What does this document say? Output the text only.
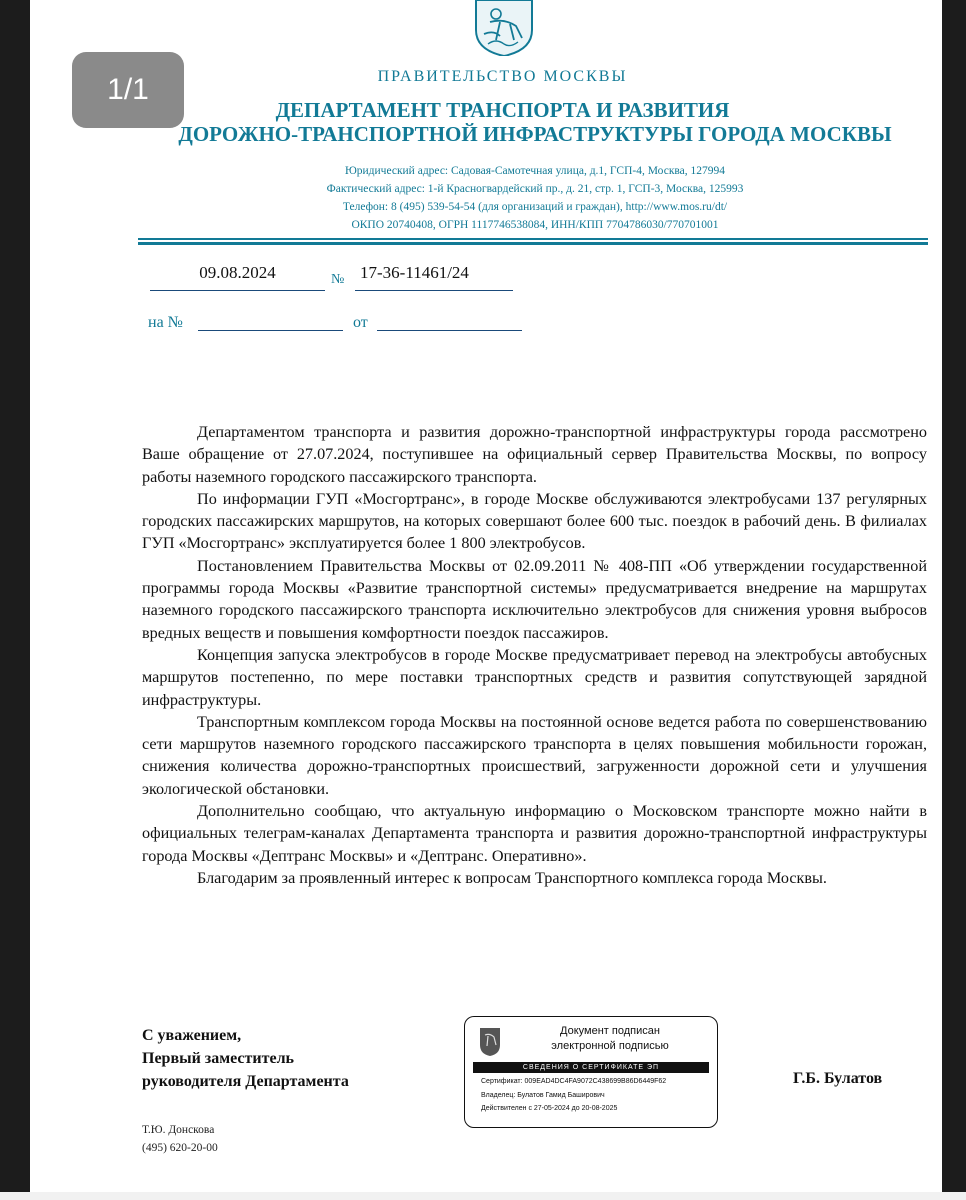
ПРАВИТЕЛЬСТВО МОСКВЫ
ДЕПАРТАМЕНТ ТРАНСПОРТА И РАЗВИТИЯ
ДОРОЖНО-ТРАНСПОРТНОЙ ИНФРАСТРУКТУРЫ ГОРОДА МОСКВЫ
Юридический адрес: Садовая-Самотечная улица, д.1, ГСП-4, Москва, 127994
Фактический адрес: 1-й Красногвардейский пр., д. 21, стр. 1, ГСП-3, Москва, 125993
Телефон: 8 (495) 539-54-54 (для организаций и граждан), http://www.mos.ru/dt/
ОКПО 20740408, ОГРН 1117746538084, ИНН/КПП 7704786030/770701001
09.08.2024	№ 17-36-11461/24
на №	от

Департаментом транспорта и развития дорожно-транспортной инфраструктуры города рассмотрено Ваше обращение от 27.07.2024, поступившее на официальный сервер Правительства Москвы, по вопросу работы наземного городского пассажирского транспорта.

По информации ГУП «Мосгортранс», в городе Москве обслуживаются электробусами 137 регулярных городских пассажирских маршрутов, на которых совершают более 600 тыс. поездок в рабочий день. В филиалах ГУП «Мосгортранс» эксплуатируется более 1 800 электробусов.

Постановлением Правительства Москвы от 02.09.2011 № 408-ПП «Об утверждении государственной программы города Москвы «Развитие транспортной системы» предусматривается внедрение на маршрутах наземного городского пассажирского транспорта исключительно электробусов для снижения уровня выбросов вредных веществ и повышения комфортности поездок пассажиров.

Концепция запуска электробусов в городе Москве предусматривает перевод на электробусы автобусных маршрутов постепенно, по мере поставки транспортных средств и развития сопутствующей зарядной инфраструктуры.

Транспортным комплексом города Москвы на постоянной основе ведется работа по совершенствованию сети маршрутов наземного городского пассажирского транспорта в целях повышения мобильности горожан, снижения количества дорожно-транспортных происшествий, загруженности дорожной сети и улучшения экологической обстановки.

Дополнительно сообщаю, что актуальную информацию о Московском транспорте можно найти в официальных телеграм-каналах Департамента транспорта и развития дорожно-транспортной инфраструктуры города Москвы «Дептранс Москвы» и «Дептранс. Оперативно».

Благодарим за проявленный интерес к вопросам Транспортного комплекса города Москвы.

С уважением,
Первый заместитель
руководителя Департамента
Документ подписан
электронной подписью
СВЕДЕНИЯ О СЕРТИФИКАТЕ ЭП
Сертификат: 009EAD4DC4FA9072C438699B86D6449F62
Владелец: Булатов Гамид Баширович
Действителен с 27-05-2024 до 20-08-2025
Г.Б. Булатов
Т.Ю. Донскова
(495) 620-20-00
1/1
